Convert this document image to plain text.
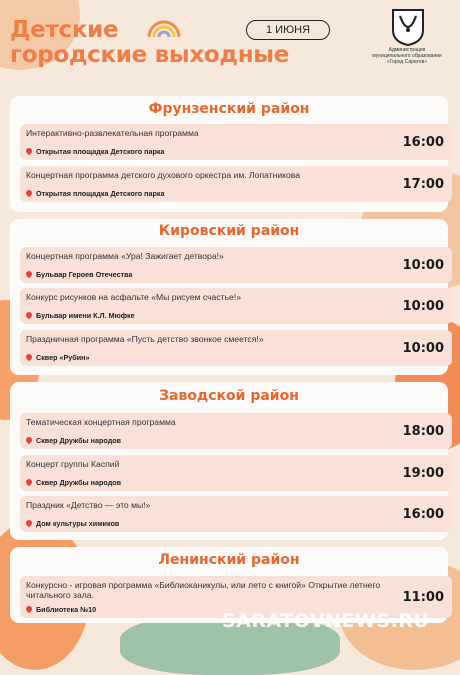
Детские
городские выходные
1 ИЮНЯ
Администрация
муниципального образования
«Город Саратов»
Фрунзенский район
Интерактивно-развлекательная программа
Открытая площадка Детского парка
16:00
Концертная программа детского духового оркестра им. Лопатникова
Открытая площадка Детского парка
17:00
Кировский район
Концертная программа «Ура! Зажигает детвора!»
Бульвар Героев Отечества
10:00
Конкурс рисунков на асфальте «Мы рисуем счастье!»
Бульвар имени К.Л. Мюфке
10:00
Праздничная программа «Пусть детство звонкое смеется!»
Сквер «Рубин»
10:00
Заводской район
Тематическая концертная программа
Сквер Дружбы народов
18:00
Концерт группы Каспий
Сквер Дружбы народов
19:00
Праздник «Детство — это мы!»
Дом культуры химиков
16:00
Ленинский район
Конкурсно - игровая программа «Библиоканикулы, или лето с книгой» Открытие летнего читального зала.
Библиотека №10
11:00
SARATOVNEWS.RU
